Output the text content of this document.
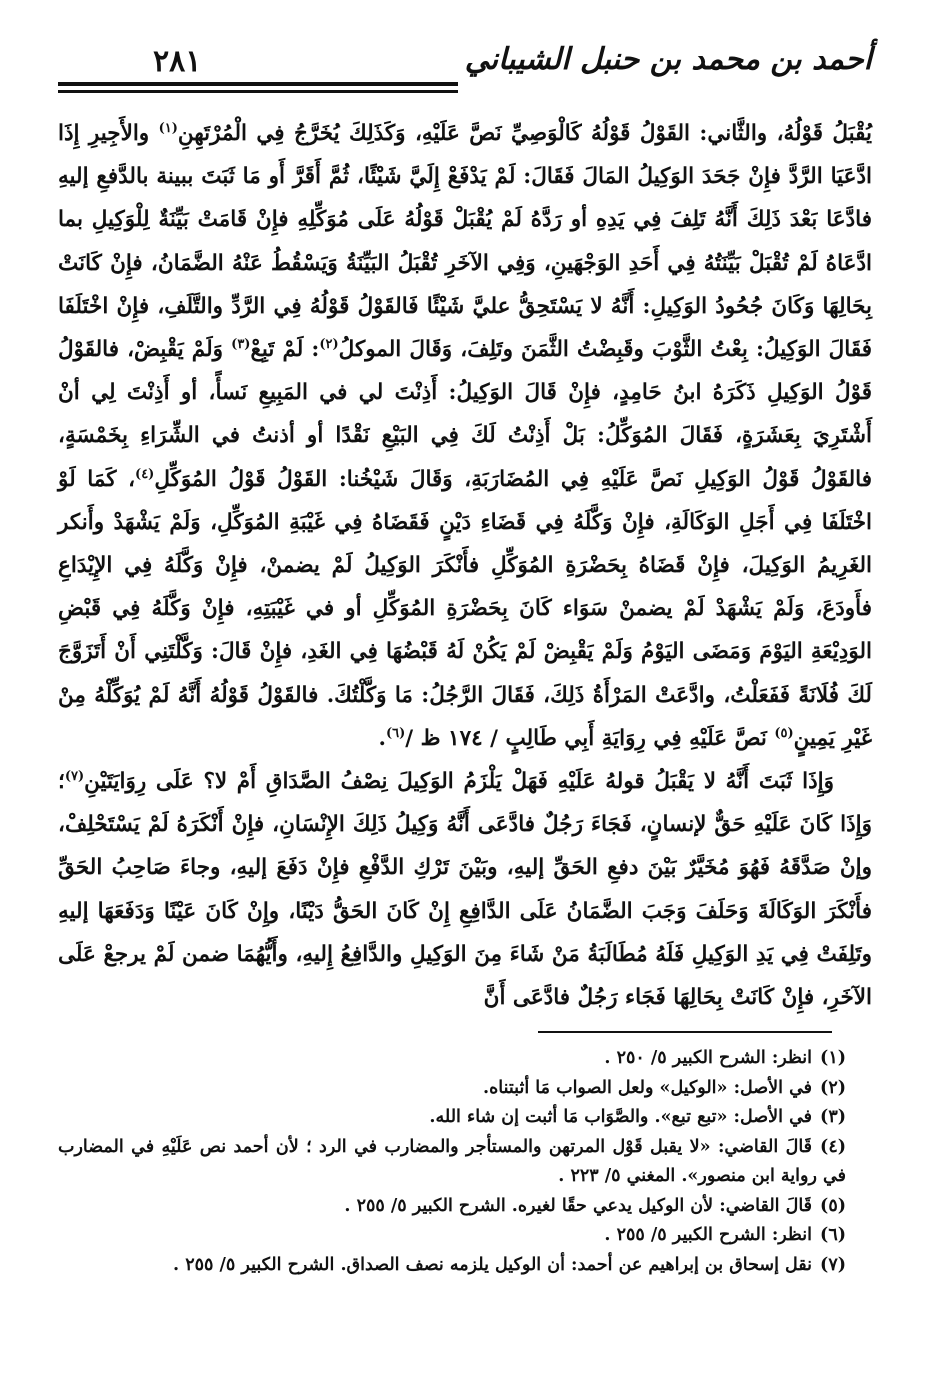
أحمد بن محمد بن حنبل الشيباني
٢٨١

يُقْبَلُ قَوْلُهُ، والثَّاني: القَوْلُ قَوْلُهُ كَالْوَصِيِّ نَصَّ عَلَيْهِ، وَكَذَلِكَ يُخَرَّجُ فِي الْمُرْتَهِنِ$^{(١)}$ والأَجِيرِ إِذَا ادَّعَيَا الرَّدَّ فإِنْ جَحَدَ الوَكِيلُ المَالَ فَقَالَ: لَمْ يَدْفَعْ إِلَيَّ شَيْئًا، ثُمَّ أَقَرَّ أَو مَا ثَبَتَ ببينة بالدَّفعِ إليهِ فادَّعَا بَعْدَ ذَلِكَ أَنَّهُ تَلِفَ فِي يَدِهِ أو رَدَّهُ لَمْ يُقْبَلْ قَوْلُهُ عَلَى مُوَكِّلِهِ فإِنْ قَامَتْ بَيِّنَةٌ لِلْوَكِيلِ بما ادَّعَاهُ لَمْ تُقْبَلْ بَيِّنَتُهُ فِي أَحَدِ الوَجْهَينِ، وَفِي الآخَرِ تُقْبَلُ البَيِّنَةُ وَيَسْقُطُ عَنْهُ الضَّمَانُ، فإِنْ كَانَتْ بِحَالِهَا وَكَانَ جُحُودُ الوَكِيلِ: أَنَّهُ لا يَسْتَحِقُّ عليَّ شَيْئًا فَالقَوْلُ قَوْلُهُ فِي الرَّدِّ والتَّلَفِ، فإِنْ اخْتَلَفَا فَقَالَ الوَكِيلُ: بِعْتُ الثَّوْبَ وقَبِضْتُ الثَّمَنَ وتَلِفَ، وَقَالَ الموكلُ$^{(٢)}$: لَمْ تَبِعْ$^{(٣)}$ وَلَمْ يَقْبِضْ، فالقَوْلُ قَوْلُ الوَكِيلِ ذَكَرَهُ ابنُ حَامِدٍ، فإِنْ قَالَ الوَكِيلُ: أَذِنْتَ لي في المَبِيعِ نَسأً، أو أَذِنْتَ لِي أنْ أَشْتَرِيَ بِعَشَرَةٍ، فَقَالَ المُوَكِّلُ: بَلْ أَذِنْتُ لَكَ فِي البَيْعِ نَقْدًا أو أذنتُ في الشِّرَاءِ بِخَمْسَةٍ، فالقَوْلُ قَوْلُ الوَكِيلِ نَصَّ عَلَيْهِ فِي المُضَارَبَةِ، وَقَالَ شَيْخُنا: القَوْلُ قَوْلُ المُوَكِّلِ$^{(٤)}$، كَمَا لَوْ اخْتَلَفَا فِي أَجَلِ الوَكَالَةِ، فإِنْ وَكَّلَهُ فِي قَضَاءِ دَيْنٍ فَقَضَاهُ فِي غَيْبَةِ المُوَكِّلِ، وَلَمْ يَشْهَدْ وأَنكر الغَرِيمُ الوَكِيلَ، فإِنْ قَضَاهُ بِحَضْرَةِ المُوَكِّلِ فأَنْكَرَ الوَكِيلُ لَمْ يضمنْ، فإِنْ وَكَّلَهُ فِي الإِيْدَاعِ فأَودَعَ، وَلَمْ يَشْهَدْ لَمْ يضمنْ سَوَاء كَانَ بِحَضْرَةِ المُوَكِّلِ أو في غَيْبَتِهِ، فإِنْ وَكَّلَهُ فِي قَبْضِ الوَدِيْعَةِ اليَوْمَ وَمَضَى اليَوْمُ وَلَمْ يَقْبِضْ لَمْ يَكُنْ لَهُ قَبْضُهَا فِي الغَدِ، فإِنْ قَالَ: وَكَّلْتَنِي أَنْ أَتَزَوَّجَ لَكَ فُلَانَةً فَفَعَلْتُ، وادَّعَتْ المَرْأَةُ ذَلِكَ، فَقَالَ الرَّجُلُ: مَا وَكَّلْتُكَ. فالقَوْلُ قَوْلُهُ أَنَّهُ لَمْ يُوَكِّلْهُ مِنْ غَيْرِ يَمِينٍ$^{(٥)}$ نَصَّ عَلَيْهِ فِي رِوَايَةِ أَبِي طَالِبٍ / ١٧٤ ظ /$^{(٦)}$.

وَإِذَا ثَبَتَ أَنَّهُ لا يَقْبَلُ قولهُ عَلَيْهِ فَهَلْ يَلْزَمُ الوَكِيلَ نِصْفُ الصَّدَاقِ أَمْ لا؟ عَلَى رِوَايَتَيْنِ$^{(٧)}$؛ وَإِذَا كَانَ عَلَيْهِ حَقٌّ لإنسانٍ، فَجَاءَ رَجُلٌ فادَّعَى أَنَّهُ وَكِيلُ ذَلِكَ الإِنْسَانِ، فإِنْ أَنْكَرَهُ لَمْ يَسْتَحْلِفْ، وإنْ صَدَّقَهُ فَهُوَ مُخَيَّرٌ بَيْنَ دفعِ الحَقِّ إليهِ، وبَيْنَ تَرْكِ الدَّفْعِ فإِنْ دَفَعَ إليهِ، وجاءَ صَاحِبُ الحَقِّ فأَنْكَرَ الوَكَالَةَ وَحَلَفَ وَجَبَ الضَّمَانُ عَلَى الدَّافِعِ إِنْ كَانَ الحَقُّ دَيْنًا، وإِنْ كَانَ عَيْنًا وَدَفَعَهَا إليهِ وتَلِفَتْ فِي يَدِ الوَكِيلِ فَلَهُ مُطَالَبَةُ مَنْ شَاءَ مِنَ الوَكِيلِ والدَّافِعُ إِليهِ، وأَيُّهُمَا ضمن لَمْ يرجعْ عَلَى الآخَرِ، فإِنْ كَانَتْ بِحَالِهَا فَجَاء رَجُلٌ فادَّعَى أَنَّ

(١)انظر: الشرح الكبير ٥/ ٢٥٠ .

(٢)في الأصل: «الوكيل» ولعل الصواب مَا أثبتناه.

(٣)في الأصل: «تبع تبع». والصَّوَاب مَا أثبت إن شاء الله.

(٤)قَالَ القاضي: «لا يقبل قَوْل المرتهن والمستأجر والمضارب في الرد ؛ لأن أحمد نص عَلَيْهِ في المضارب في رواية ابن منصور». المغني ٥/ ٢٢٣ .

(٥)قَالَ القاضي: لأن الوكيل يدعي حقًا لغيره. الشرح الكبير ٥/ ٢٥٥ .

(٦)انظر: الشرح الكبير ٥/ ٢٥٥ .

(٧)نقل إسحاق بن إبراهيم عن أحمد: أن الوكيل يلزمه نصف الصداق. الشرح الكبير ٥/ ٢٥٥ .
